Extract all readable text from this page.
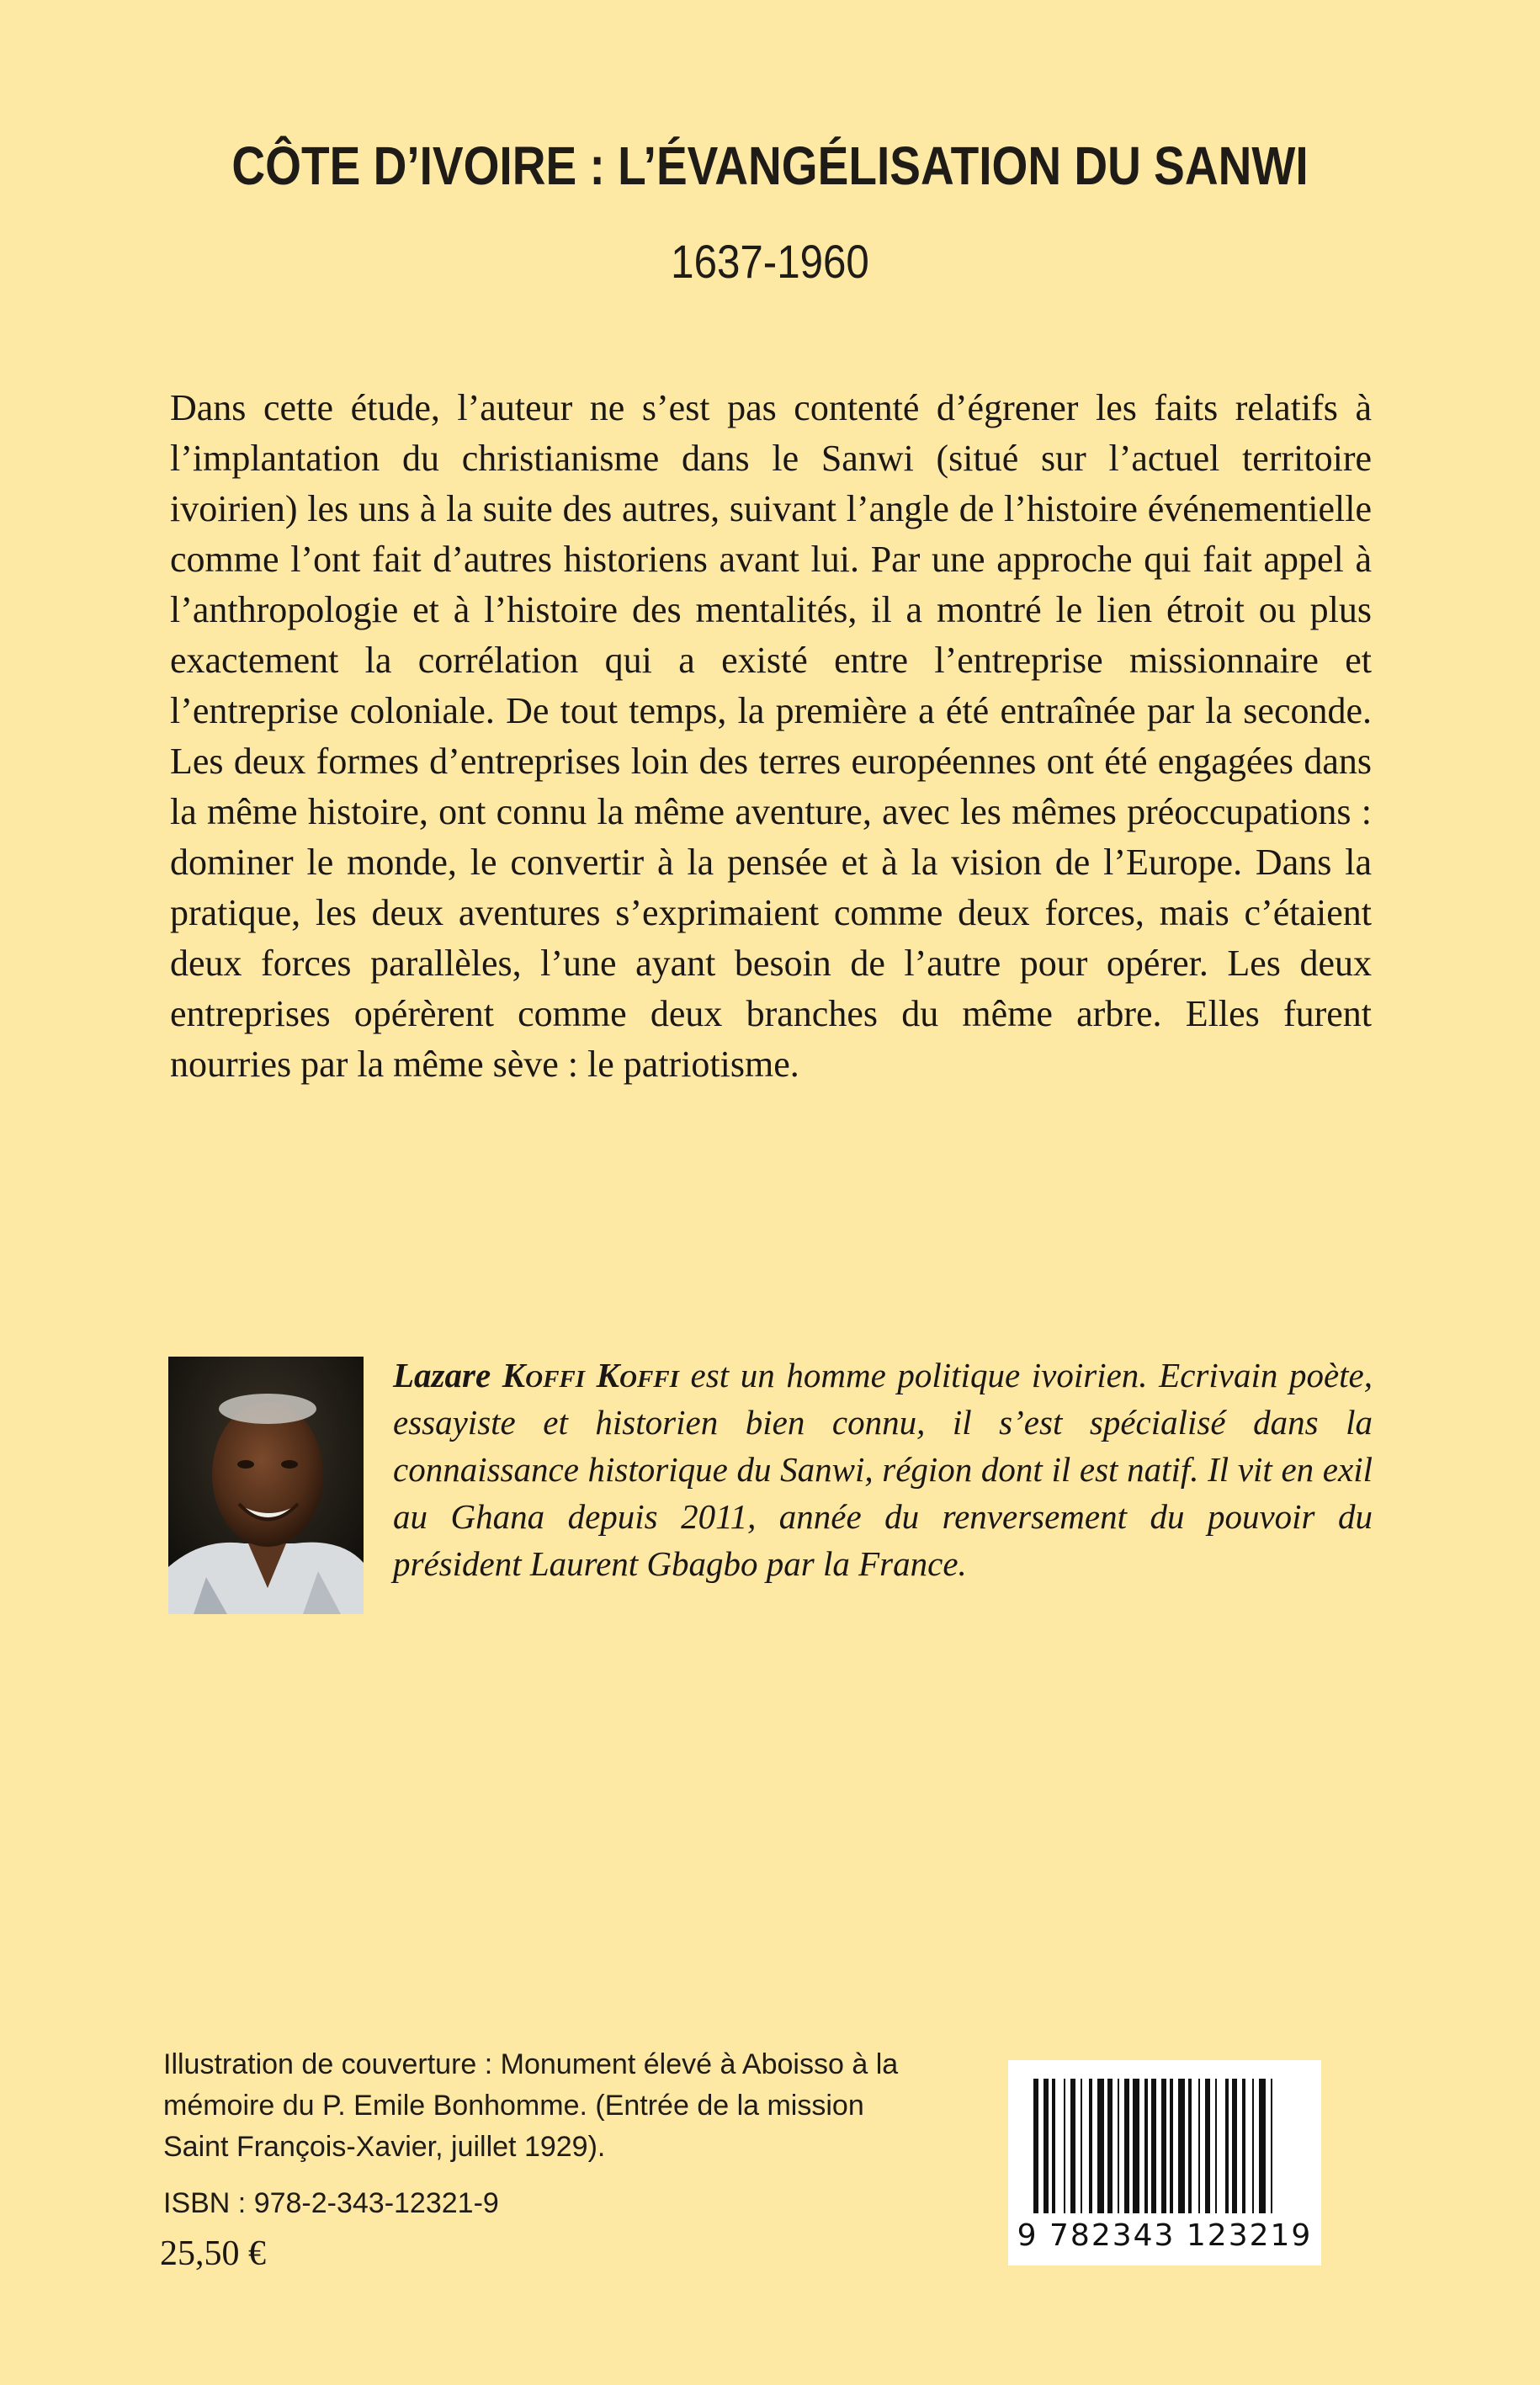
CÔTE D’IVOIRE : L’ÉVANGÉLISATION DU SANWI
1637-1960
Dans cette étude, l’auteur ne s’est pas contenté d’égrener les faits relatifs à l’implantation du christianisme dans le Sanwi (situé sur l’actuel territoire ivoirien) les uns à la suite des autres, suivant l’angle de l’histoire événementielle comme l’ont fait d’autres historiens avant lui. Par une approche qui fait appel à l’anthropologie et à l’histoire des mentalités, il a montré le lien étroit ou plus exactement la corrélation qui a existé entre l’entreprise missionnaire et l’entreprise coloniale. De tout temps, la première a été entraînée par la seconde. Les deux formes d’entreprises loin des terres européennes ont été engagées dans la même histoire, ont connu la même aventure, avec les mêmes préoccupations : dominer le monde, le convertir à la pensée et à la vision de l’Europe. Dans la pratique, les deux aventures s’exprimaient comme deux forces, mais c’étaient deux forces parallèles, l’une ayant besoin de l’autre pour opérer. Les deux entreprises opérèrent comme deux branches du même arbre. Elles furent nourries par la même sève : le patriotisme.
Lazare Koffi Koffi est un homme politique ivoirien. Ecrivain poète, essayiste et historien bien connu, il s’est spécialisé dans la connaissance historique du Sanwi, région dont il est natif. Il vit en exil au Ghana depuis 2011, année du renversement du pouvoir du président Laurent Gbagbo par la France.
Illustration de couverture : Monument élevé à Aboisso à la mémoire du P. Emile Bonhomme. (Entrée de la mission Saint François-Xavier, juillet 1929).
ISBN : 978-2-343-12321-9
25,50 €	9 782343 123219
